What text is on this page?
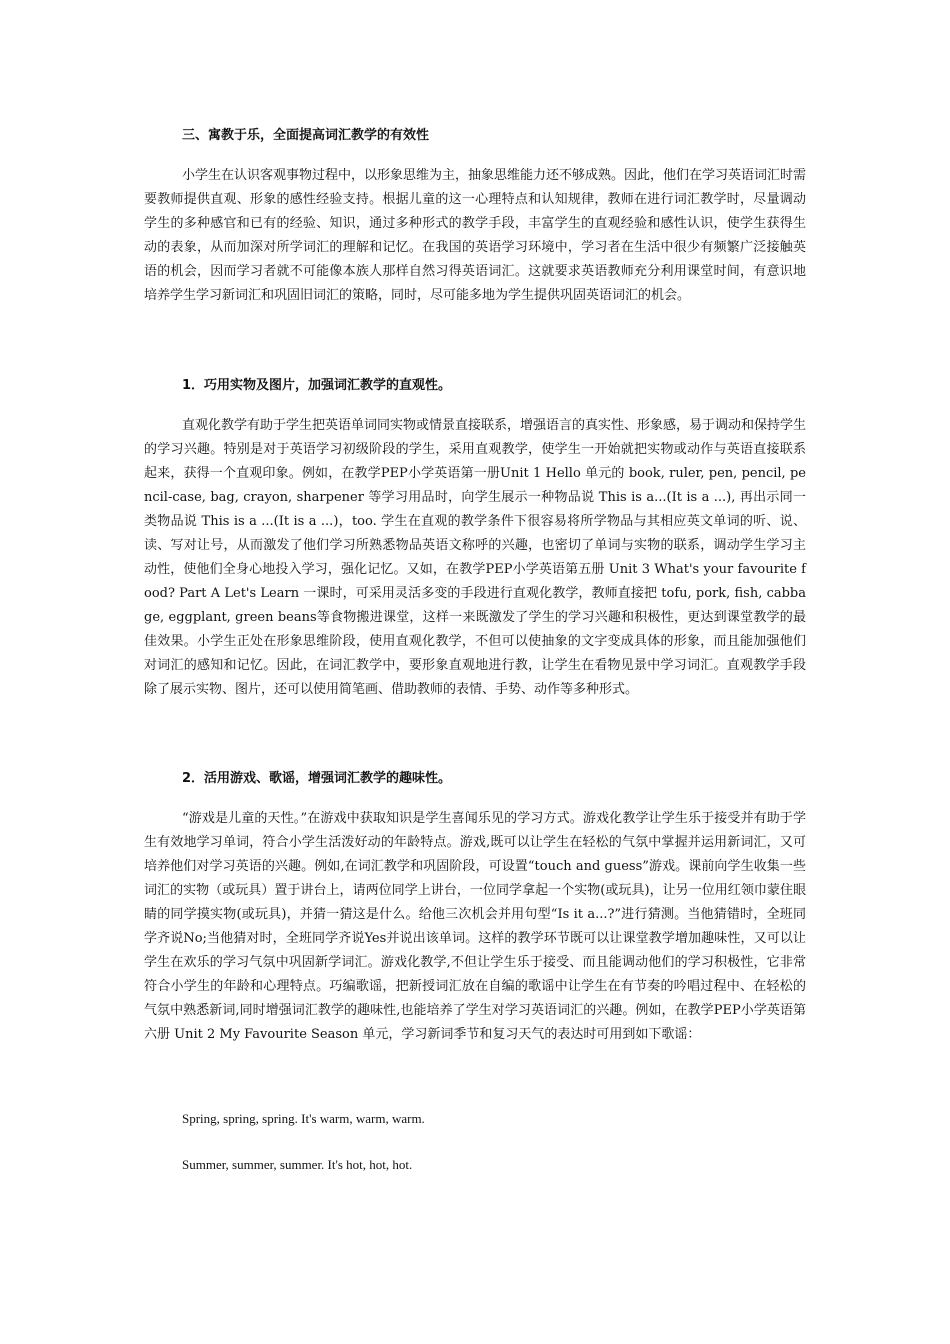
三、寓教于乐，全面提高词汇教学的有效性

小学生在认识客观事物过程中，以形象思维为主，抽象思维能力还不够成熟。因此，他们在学习英语词汇时需要教师提供直观、形象的感性经验支持。根据儿童的这一心理特点和认知规律，教师在进行词汇教学时，尽量调动学生的多种感官和已有的经验、知识，通过多种形式的教学手段，丰富学生的直观经验和感性认识，使学生获得生动的表象，从而加深对所学词汇的理解和记忆。在我国的英语学习环境中，学习者在生活中很少有频繁广泛接触英语的机会，因而学习者就不可能像本族人那样自然习得英语词汇。这就要求英语教师充分利用课堂时间，有意识地培养学生学习新词汇和巩固旧词汇的策略，同时，尽可能多地为学生提供巩固英语词汇的机会。

1．巧用实物及图片，加强词汇教学的直观性。

直观化教学有助于学生把英语单词同实物或情景直接联系，增强语言的真实性、形象感，易于调动和保持学生的学习兴趣。特别是对于英语学习初级阶段的学生，采用直观教学，使学生一开始就把实物或动作与英语直接联系起来，获得一个直观印象。例如，在教学PEP小学英语第一册Unit 1 Hello 单元的 book, ruler, pen, pencil, pencil-case, bag, crayon, sharpener 等学习用品时，向学生展示一种物品说 This is a...(It is a ...), 再出示同一类物品说 This is a ...(It is a ...)，too. 学生在直观的教学条件下很容易将所学物品与其相应英文单词的听、说、读、写对让号，从而激发了他们学习所熟悉物品英语文称呼的兴趣，也密切了单词与实物的联系，调动学生学习主动性，使他们全身心地投入学习，强化记忆。又如，在教学PEP小学英语第五册 Unit 3 What's your favourite food? Part A Let's Learn 一课时，可采用灵活多变的手段进行直观化教学，教师直接把 tofu, pork, fish, cabbage, eggplant, green beans等食物搬进课堂，这样一来既激发了学生的学习兴趣和积极性，更达到课堂教学的最佳效果。小学生正处在形象思维阶段，使用直观化教学，不但可以使抽象的文字变成具体的形象，而且能加强他们对词汇的感知和记忆。因此，在词汇教学中，要形象直观地进行教，让学生在看物见景中学习词汇。直观教学手段除了展示实物、图片，还可以使用简笔画、借助教师的表情、手势、动作等多种形式。

2．活用游戏、歌谣，增强词汇教学的趣味性。

“游戏是儿童的天性。”在游戏中获取知识是学生喜闻乐见的学习方式。游戏化教学让学生乐于接受并有助于学生有效地学习单词，符合小学生活泼好动的年龄特点。游戏,既可以让学生在轻松的气氛中掌握并运用新词汇，又可培养他们对学习英语的兴趣。例如,在词汇教学和巩固阶段，可设置“touch and guess”游戏。课前向学生收集一些词汇的实物（或玩具）置于讲台上，请两位同学上讲台，一位同学拿起一个实物(或玩具)，让另一位用红领巾蒙住眼睛的同学摸实物(或玩具)，并猜一猜这是什么。给他三次机会并用句型“Is it a...?”进行猜测。当他猜错时，全班同学齐说No;当他猜对时，全班同学齐说Yes并说出该单词。这样的教学环节既可以让课堂教学增加趣味性，又可以让学生在欢乐的学习气氛中巩固新学词汇。游戏化教学,不但让学生乐于接受、而且能调动他们的学习积极性，它非常符合小学生的年龄和心理特点。巧编歌谣，把新授词汇放在自编的歌谣中让学生在有节奏的吟唱过程中、在轻松的气氛中熟悉新词,同时增强词汇教学的趣味性,也能培养了学生对学习英语词汇的兴趣。例如，在教学PEP小学英语第六册 Unit 2 My Favourite Season 单元，学习新词季节和复习天气的表达时可用到如下歌谣：

Spring, spring, spring. It's warm, warm, warm.
Summer, summer, summer. It's hot, hot, hot.
